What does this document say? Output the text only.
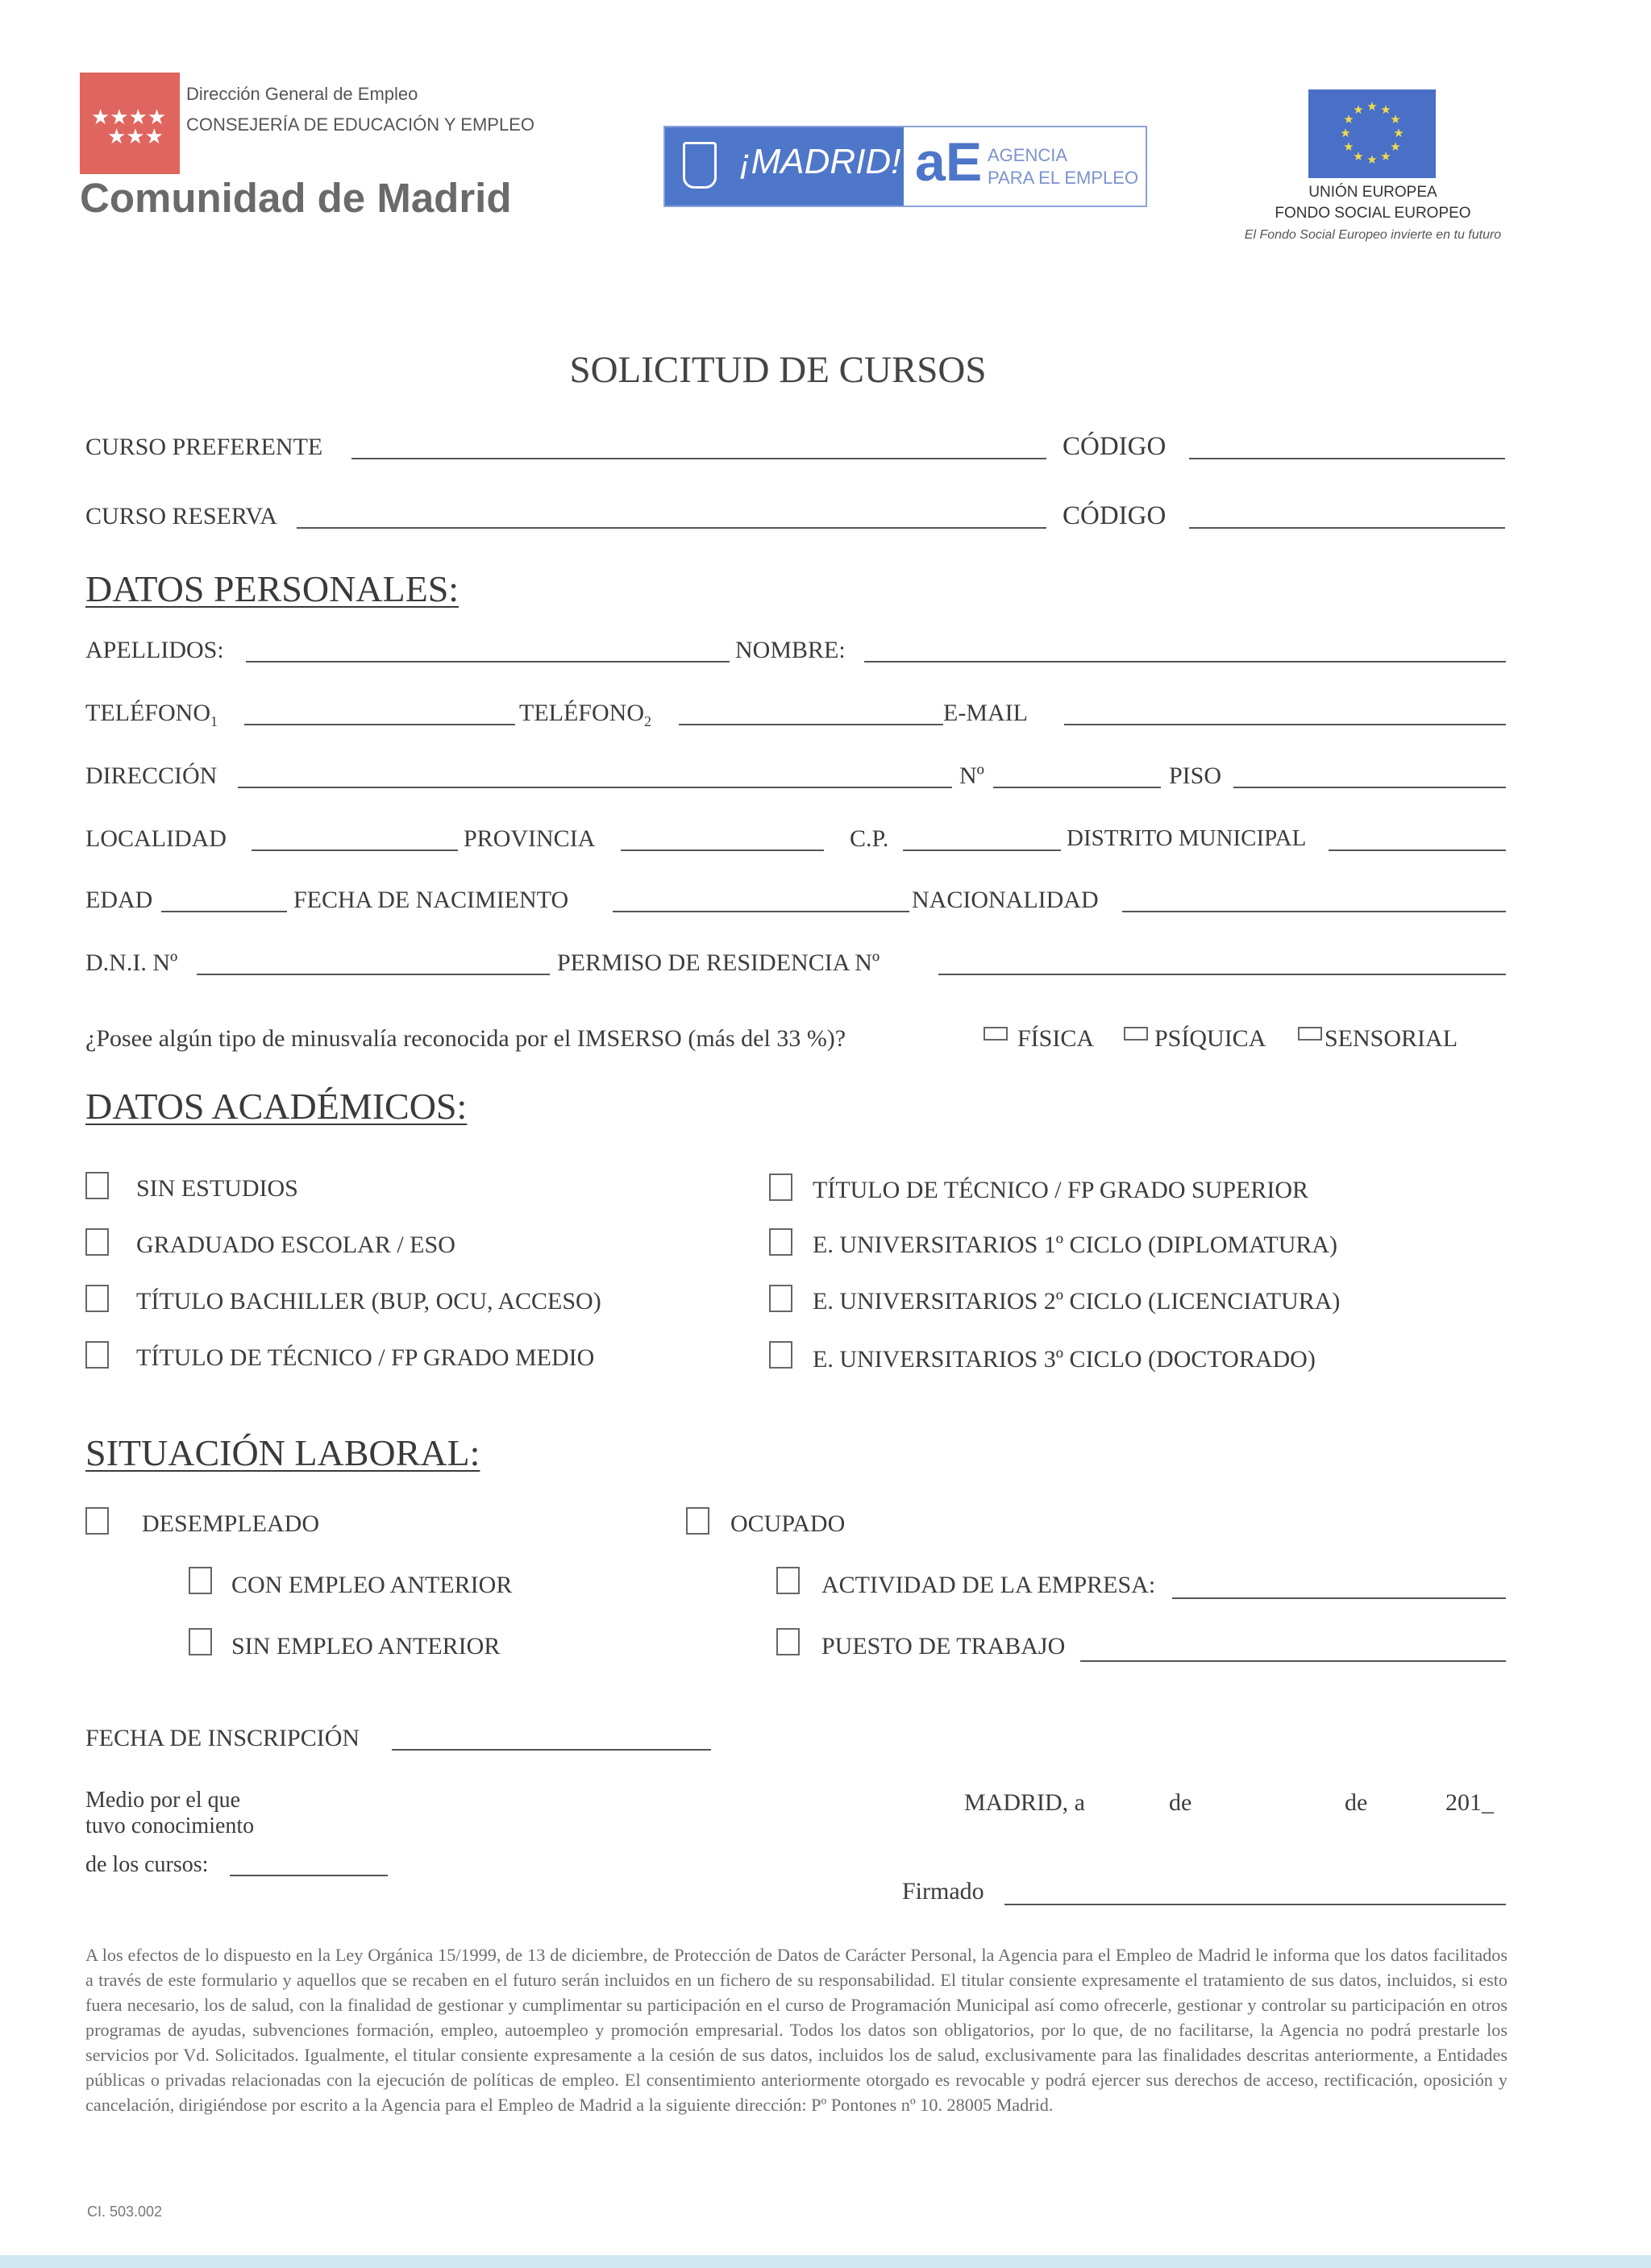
★★★★
★★★
Dirección General de Empleo
CONSEJERÍA DE EDUCACIÓN Y EMPLEO
Comunidad de Madrid
¡MADRID! aE AGENCIA
PARA EL EMPLEO
★ ★
★
★
★
★
★
★
★
★
★
★
UNIÓN EUROPEA
FONDO SOCIAL EUROPEO
El Fondo Social Europeo invierte en tu futuro
SOLICITUD DE CURSOS
CURSO PREFERENTE	CÓDIGO
CURSO RESERVA	CÓDIGO
DATOS PERSONALES:
APELLIDOS:	NOMBRE:
$TELÉFONO_1$	$TELÉFONO_2$	E-MAIL
DIRECCIÓN	Nº	PISO
LOCALIDAD	PROVINCIA	C.P.	DISTRITO MUNICIPAL
EDAD	FECHA DE NACIMIENTO	NACIONALIDAD
D.N.I. Nº	PERMISO DE RESIDENCIA Nº
¿Posee algún tipo de minusvalía reconocida por el IMSERSO (más del 33 %)?	FÍSICA PSÍQUICA SENSORIAL
DATOS ACADÉMICOS:
SIN ESTUDIOS
GRADUADO ESCOLAR / ESO
TÍTULO BACHILLER (BUP, OCU, ACCESO)
TÍTULO DE TÉCNICO / FP GRADO MEDIO
TÍTULO DE TÉCNICO / FP GRADO SUPERIOR
E. UNIVERSITARIOS 1º CICLO (DIPLOMATURA)
E. UNIVERSITARIOS 2º CICLO (LICENCIATURA)
E. UNIVERSITARIOS 3º CICLO (DOCTORADO)
SITUACIÓN LABORAL:
DESEMPLEADO	OCUPADO
CON EMPLEO ANTERIOR	ACTIVIDAD DE LA EMPRESA:
SIN EMPLEO ANTERIOR	PUESTO DE TRABAJO
FECHA DE INSCRIPCIÓN
Medio por el que
tuvo conocimiento
de los cursos:
MADRID, a	de	de	201_
Firmado
A los efectos de lo dispuesto en la Ley Orgánica 15/1999, de 13 de diciembre, de Protección de Datos de Carácter Personal, la Agencia para el Empleo de Madrid le informa que los datos facilitados a través de este formulario y aquellos que se recaben en el futuro serán incluidos en un fichero de su responsabilidad. El titular consiente expresamente el tratamiento de sus datos, incluidos, si esto fuera necesario, los de salud, con la finalidad de gestionar y cumplimentar su participación en el curso de Programación Municipal así como ofrecerle, gestionar y controlar su participación en otros programas de ayudas, subvenciones formación, empleo, autoempleo y promoción empresarial. Todos los datos son obligatorios, por lo que, de no facilitarse, la Agencia no podrá prestarle los servicios por Vd. Solicitados. Igualmente, el titular consiente expresamente a la cesión de sus datos, incluidos los de salud, exclusivamente para las finalidades descritas anteriormente, a Entidades públicas o privadas relacionadas con la ejecución de políticas de empleo. El consentimiento anteriormente otorgado es revocable y podrá ejercer sus derechos de acceso, rectificación, oposición y cancelación, dirigiéndose por escrito a la Agencia para el Empleo de Madrid a la siguiente dirección: Pº Pontones nº 10. 28005 Madrid.
CI. 503.002
